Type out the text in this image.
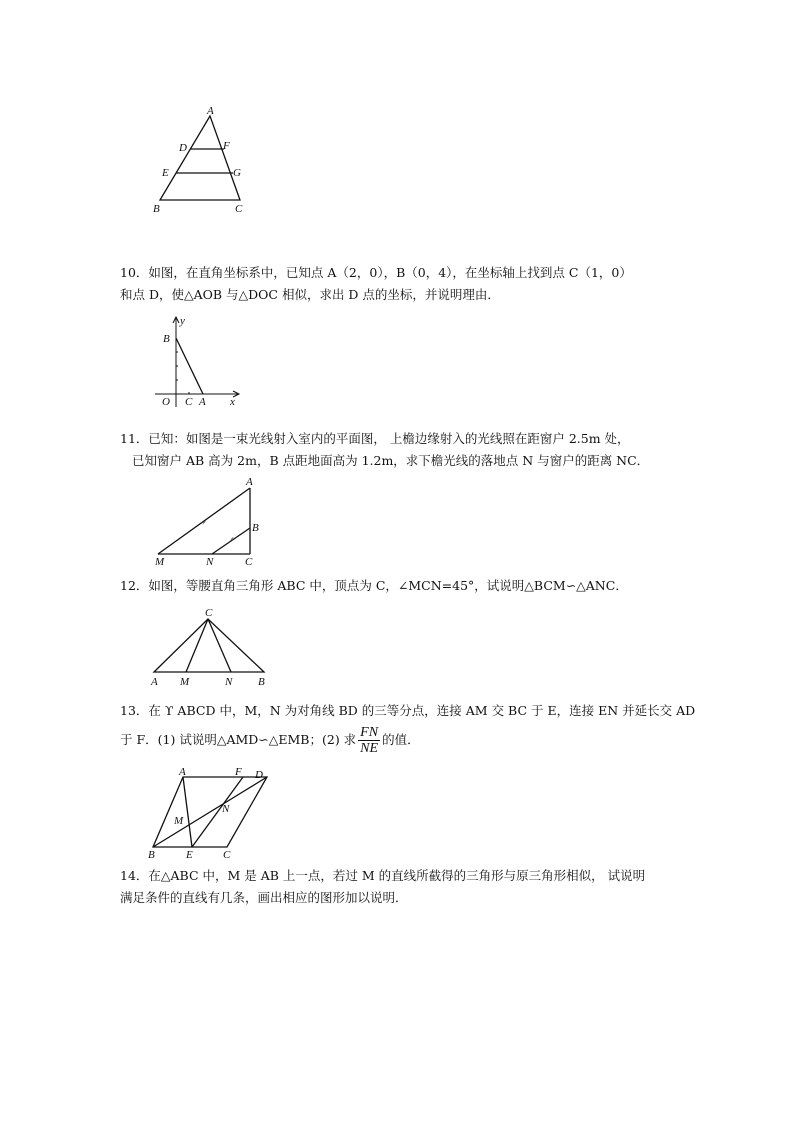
A
D	F
E	G
B	C

10．如图，在直角坐标系中，已知点 A（2，0），B（0，4），在坐标轴上找到点 C（1，0）

和点 D，使△AOB 与△DOC 相似，求出 D 点的坐标，并说明理由．

y
B
O C A x

11．已知：如图是一束光线射入室内的平面图， 上檐边缘射入的光线照在距窗户 2.5m 处，

已知窗户 AB 高为 2m，B 点距地面高为 1.2m，求下檐光线的落地点 N 与窗户的距离 NC．

A
B
M	N	C

12．如图，等腰直角三角形 ABC 中，顶点为 C，∠MCN=45°，试说明△BCM∽△ANC．

C
A M	N B

13．在 ϒ ABCD 中，M，N 为对角线 BD 的三等分点，连接 AM 交 BC 于 E，连接 EN 并延长交 AD

于 F．(1) 试说明△AMD∽△EMB；(2) 求 $\frac{FN}{NE}$ 的值．

A	F D
M
N
B	E	C

14．在△ABC 中，M 是 AB 上一点，若过 M 的直线所截得的三角形与原三角形相似， 试说明

满足条件的直线有几条，画出相应的图形加以说明．
